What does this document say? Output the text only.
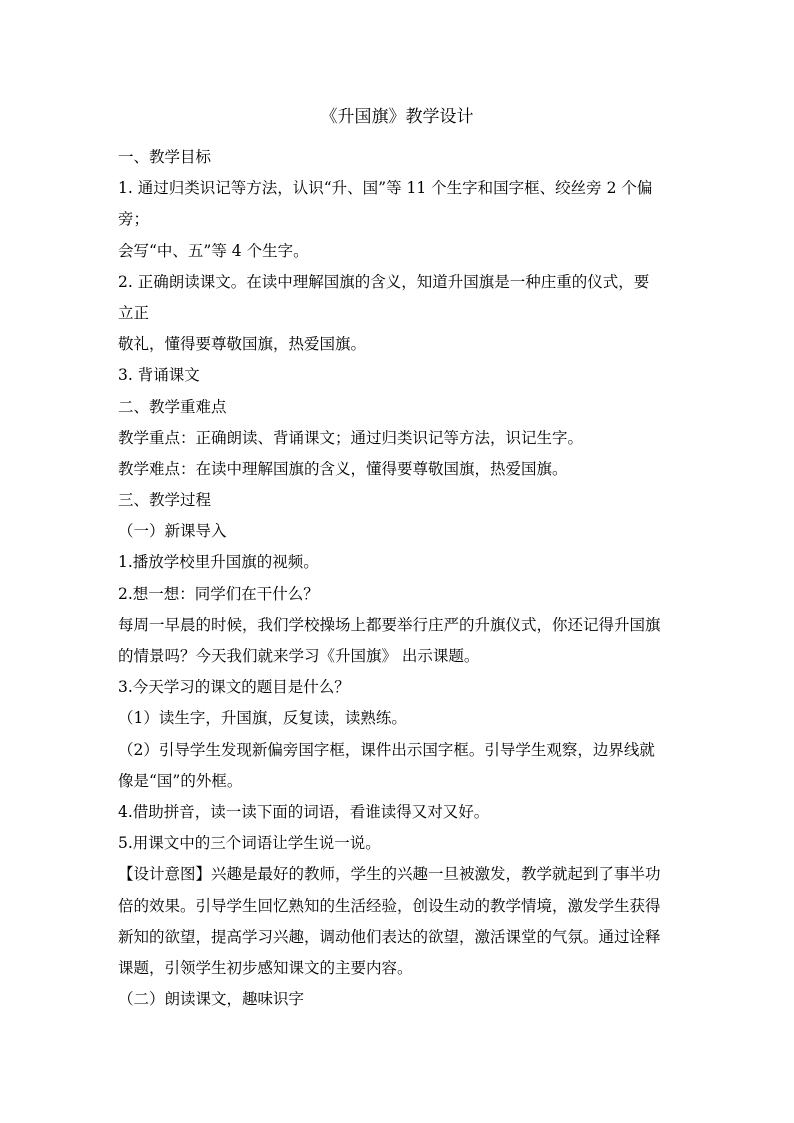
《升国旗》教学设计
一、教学目标
1. 通过归类识记等方法，认识“升、国”等 11 个生字和国字框、绞丝旁 2 个偏
旁；
会写“中、五”等 4 个生字。
2. 正确朗读课文。在读中理解国旗的含义，知道升国旗是一种庄重的仪式，要
立正
敬礼，懂得要尊敬国旗，热爱国旗。
3. 背诵课文
二、教学重难点
教学重点：正确朗读、背诵课文；通过归类识记等方法，识记生字。
教学难点：在读中理解国旗的含义，懂得要尊敬国旗，热爱国旗。
三、教学过程
（一）新课导入
1.播放学校里升国旗的视频。
2.想一想：同学们在干什么？
每周一早晨的时候，我们学校操场上都要举行庄严的升旗仪式，你还记得升国旗
的情景吗？今天我们就来学习《升国旗》 出示课题。
3.今天学习的课文的题目是什么？
（1）读生字，升国旗，反复读，读熟练。
（2）引导学生发现新偏旁国字框，课件出示国字框。引导学生观察，边界线就
像是“国”的外框。
4.借助拼音，读一读下面的词语，看谁读得又对又好。
5.用课文中的三个词语让学生说一说。
【设计意图】兴趣是最好的教师，学生的兴趣一旦被激发，教学就起到了事半功
倍的效果。引导学生回忆熟知的生活经验，创设生动的教学情境，激发学生获得
新知的欲望，提高学习兴趣，调动他们表达的欲望，激活课堂的气氛。通过诠释
课题，引领学生初步感知课文的主要内容。
（二）朗读课文，趣味识字
